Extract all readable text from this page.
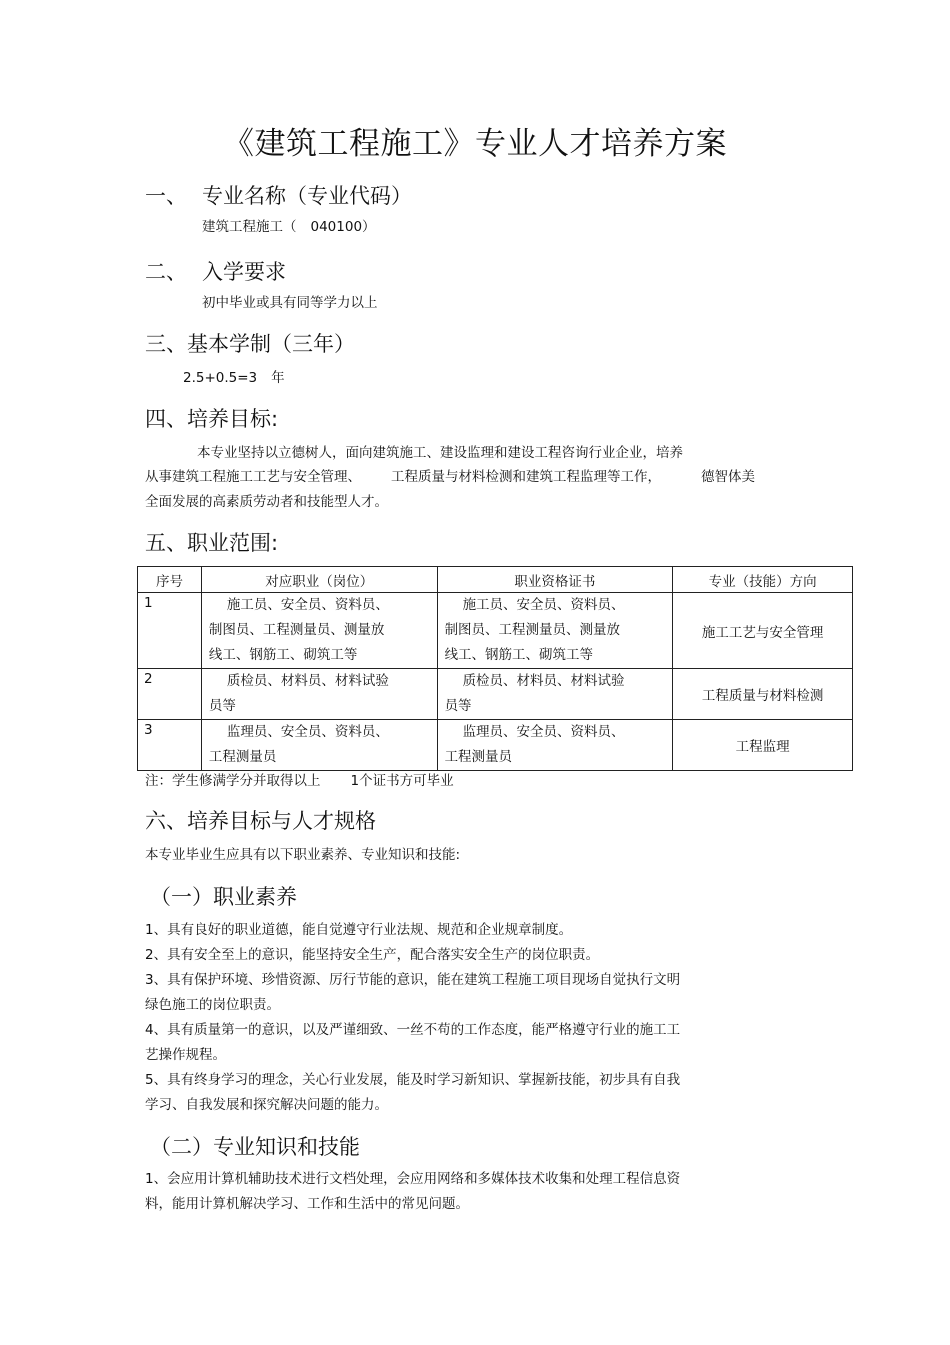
《建筑工程施工》专业人才培养方案
一、 专业名称（专业代码）
建筑工程施工（ 040100）
二、 入学要求
初中毕业或具有同等学力以上
三、基本学制（三年）
2.5+0.5=3 年
四、培养目标:
本专业坚持以立德树人，面向建筑施工、建设监理和建设工程咨询行业企业，培养
从事建筑工程施工工艺与安全管理、 工程质量与材料检测和建筑工程监理等工作，	德智体美
全面发展的高素质劳动者和技能型人才。
五、职业范围:
序号	对应职业（岗位）	职业资格证书	专业（技能）方向
1	施工员、安全员、资料员、
制图员、工程测量员、测量放
线工、钢筋工、砌筑工等	施工员、安全员、资料员、
制图员、工程测量员、测量放
线工、钢筋工、砌筑工等	施工工艺与安全管理
2	质检员、材料员、材料试验
员等	质检员、材料员、材料试验
员等	工程质量与材料检测
3	监理员、安全员、资料员、
工程测量员	监理员、安全员、资料员、
工程测量员	工程监理
注：学生修满学分并取得以上 1个证书方可毕业
六、培养目标与人才规格
本专业毕业生应具有以下职业素养、专业知识和技能:
（一）职业素养
1、具有良好的职业道德，能自觉遵守行业法规、规范和企业规章制度。
2、具有安全至上的意识，能坚持安全生产，配合落实安全生产的岗位职责。
3、具有保护环境、珍惜资源、厉行节能的意识，能在建筑工程施工项目现场自觉执行文明
绿色施工的岗位职责。
4、具有质量第一的意识，以及严谨细致、一丝不苟的工作态度，能严格遵守行业的施工工
艺操作规程。
5、具有终身学习的理念，关心行业发展，能及时学习新知识、掌握新技能，初步具有自我
学习、自我发展和探究解决问题的能力。
（二）专业知识和技能
1、会应用计算机辅助技术进行文档处理，会应用网络和多媒体技术收集和处理工程信息资
料，能用计算机解决学习、工作和生活中的常见问题。
